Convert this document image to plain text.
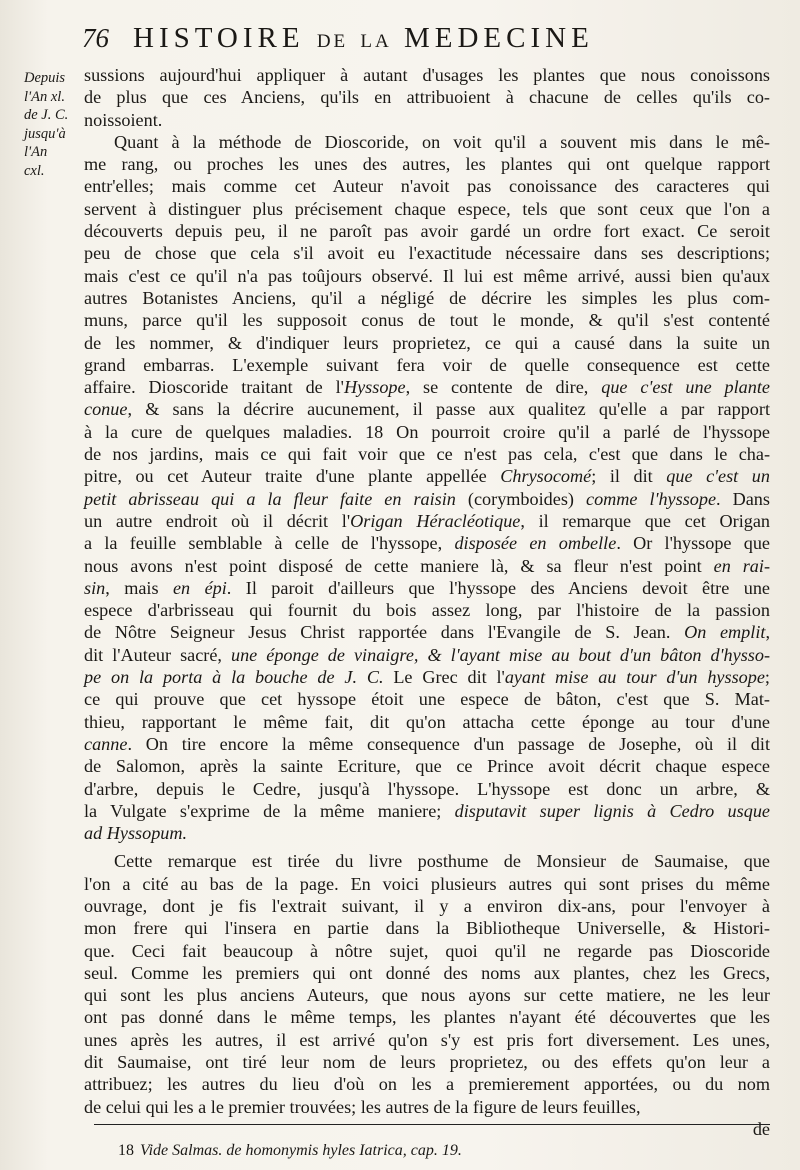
76 HISTOIRE DE LA MEDECINE
Depuis
l'An xl.
de J. C.
jusqu'à
l'An
cxl.
sussions aujourd'hui appliquer à autant d'usages les plantes que nous conoissons
de plus que ces Anciens, qu'ils en attribuoient à chacune de celles qu'ils co-
noissoient.
Quant à la méthode de Dioscoride, on voit qu'il a souvent mis dans le mê-
me rang, ou proches les unes des autres, les plantes qui ont quelque rapport
entr'elles; mais comme cet Auteur n'avoit pas conoissance des caracteres qui
servent à distinguer plus précisement chaque espece, tels que sont ceux que l'on a
découverts depuis peu, il ne paroît pas avoir gardé un ordre fort exact. Ce seroit
peu de chose que cela s'il avoit eu l'exactitude nécessaire dans ses descriptions;
mais c'est ce qu'il n'a pas toûjours observé. Il lui est même arrivé, aussi bien qu'aux
autres Botanistes Anciens, qu'il a négligé de décrire les simples les plus com-
muns, parce qu'il les supposoit conus de tout le monde, & qu'il s'est contenté
de les nommer, & d'indiquer leurs proprietez, ce qui a causé dans la suite un
grand embarras. L'exemple suivant fera voir de quelle consequence est cette
affaire. Dioscoride traitant de l'Hyssope, se contente de dire, que c'est une plante
conue, & sans la décrire aucunement, il passe aux qualitez qu'elle a par rapport
à la cure de quelques maladies. 18 On pourroit croire qu'il a parlé de l'hyssope
de nos jardins, mais ce qui fait voir que ce n'est pas cela, c'est que dans le cha-
pitre, ou cet Auteur traite d'une plante appellée Chrysocomé; il dit que c'est un
petit abrisseau qui a la fleur faite en raisin (corymboides) comme l'hyssope. Dans
un autre endroit où il décrit l'Origan Héracléotique, il remarque que cet Origan
a la feuille semblable à celle de l'hyssope, disposée en ombelle. Or l'hyssope que
nous avons n'est point disposé de cette maniere là, & sa fleur n'est point en rai-
sin, mais en épi. Il paroit d'ailleurs que l'hyssope des Anciens devoit être une
espece d'arbrisseau qui fournit du bois assez long, par l'histoire de la passion
de Nôtre Seigneur Jesus Christ rapportée dans l'Evangile de S. Jean. On emplit,
dit l'Auteur sacré, une éponge de vinaigre, & l'ayant mise au bout d'un bâton d'hysso-
pe on la porta à la bouche de J. C. Le Grec dit l'ayant mise au tour d'un hyssope;
ce qui prouve que cet hyssope étoit une espece de bâton, c'est que S. Mat-
thieu, rapportant le même fait, dit qu'on attacha cette éponge au tour d'une
canne. On tire encore la même consequence d'un passage de Josephe, où il dit
de Salomon, après la sainte Ecriture, que ce Prince avoit décrit chaque espece
d'arbre, depuis le Cedre, jusqu'à l'hyssope. L'hyssope est donc un arbre, &
la Vulgate s'exprime de la même maniere; disputavit super lignis à Cedro usque
ad Hyssopum.
Cette remarque est tirée du livre posthume de Monsieur de Saumaise, que
l'on a cité au bas de la page. En voici plusieurs autres qui sont prises du même
ouvrage, dont je fis l'extrait suivant, il y a environ dix-ans, pour l'envoyer à
mon frere qui l'insera en partie dans la Bibliotheque Universelle, & Histori-
que. Ceci fait beaucoup à nôtre sujet, quoi qu'il ne regarde pas Dioscoride
seul. Comme les premiers qui ont donné des noms aux plantes, chez les Grecs,
qui sont les plus anciens Auteurs, que nous ayons sur cette matiere, ne les leur
ont pas donné dans le même temps, les plantes n'ayant été découvertes que les
unes après les autres, il est arrivé qu'on s'y est pris fort diversement. Les unes,
dit Saumaise, ont tiré leur nom de leurs proprietez, ou des effets qu'on leur a
attribuez; les autres du lieu d'où on les a premierement apportées, ou du nom
de celui qui les a le premier trouvées; les autres de la figure de leurs feuilles,
de
18 Vide Salmas. de homonymis hyles Iatrica, cap. 19.
